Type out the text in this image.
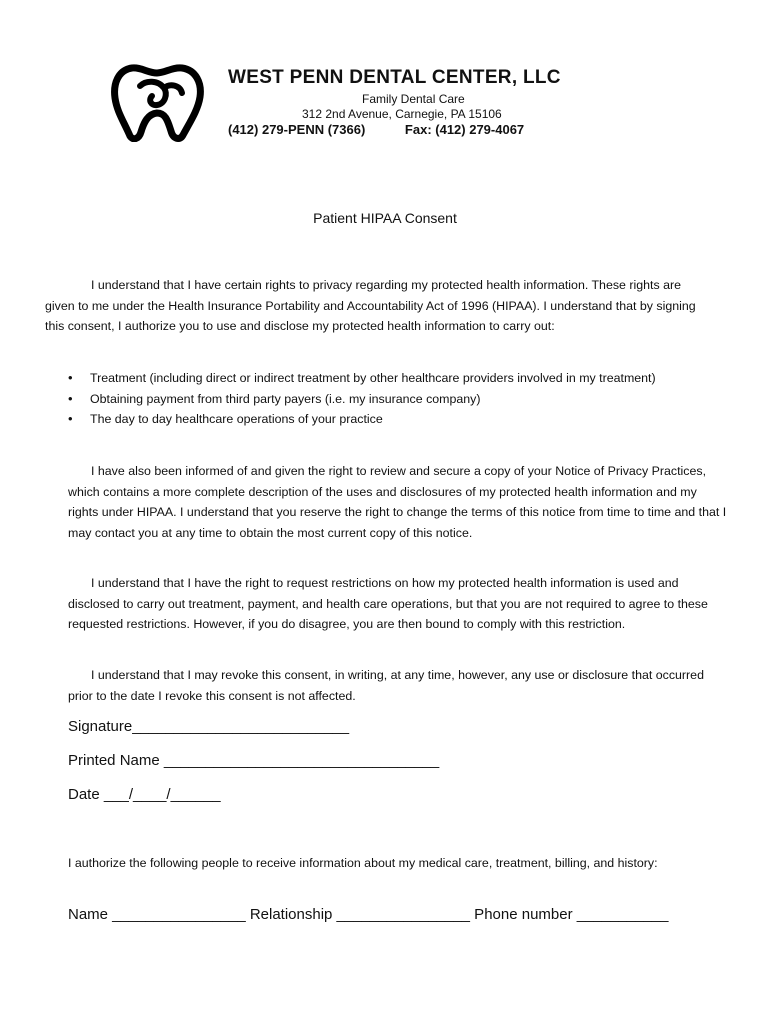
WEST PENN DENTAL CENTER, LLC
Family Dental Care
312 2nd Avenue, Carnegie, PA 15106
(412) 279-PENN (7366)	Fax: (412) 279-4067
Patient HIPAA Consent

I understand that I have certain rights to privacy regarding my protected health information. These rights are given to me under the Health Insurance Portability and Accountability Act of 1996 (HIPAA). I understand that by signing this consent, I authorize you to use and disclose my protected health information to carry out:

• Treatment (including direct or indirect treatment by other healthcare providers involved in my treatment)
• Obtaining payment from third party payers (i.e. my insurance company)
• The day to day healthcare operations of your practice

I have also been informed of and given the right to review and secure a copy of your Notice of Privacy Practices, which contains a more complete description of the uses and disclosures of my protected health information and my rights under HIPAA. I understand that you reserve the right to change the terms of this notice from time to time and that I may contact you at any time to obtain the most current copy of this notice.

I understand that I have the right to request restrictions on how my protected health information is used and disclosed to carry out treatment, payment, and health care operations, but that you are not required to agree to these requested restrictions. However, if you do disagree, you are then bound to comply with this restriction.

I understand that I may revoke this consent, in writing, at any time, however, any use or disclosure that occurred prior to the date I revoke this consent is not affected.

Signature__________________________
Printed Name _________________________________
Date ___/____/______

I authorize the following people to receive information about my medical care, treatment, billing, and history:

Name ________________ Relationship ________________ Phone number ___________
